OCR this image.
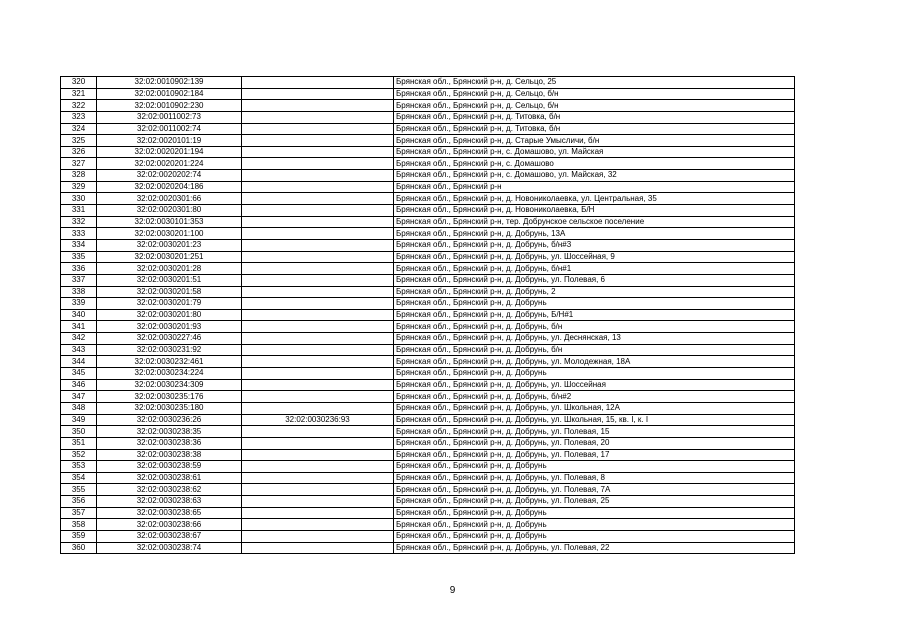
320	32:02:0010902:139		Брянская обл., Брянский р-н, д. Сельцо, 25
321	32:02:0010902:184		Брянская обл., Брянский р-н, д. Сельцо, б/н
322	32:02:0010902:230		Брянская обл., Брянский р-н, д. Сельцо, б/н
323	32:02:0011002:73		Брянская обл., Брянский р-н, д. Титовка, б/н
324	32:02:0011002:74		Брянская обл., Брянский р-н, д. Титовка, б/н
325	32:02:0020101:19		Брянская обл., Брянский р-н, д. Старые Умысличи, б/н
326	32:02:0020201:194		Брянская обл., Брянский р-н, с. Домашово, ул. Майская
327	32:02:0020201:224		Брянская обл., Брянский р-н, с. Домашово
328	32:02:0020202:74		Брянская обл., Брянский р-н, с. Домашово, ул. Майская, 32
329	32:02:0020204:186		Брянская обл., Брянский р-н
330	32:02:0020301:66		Брянская обл., Брянский р-н, д. Новониколаевка, ул. Центральная, 35
331	32:02:0020301:80		Брянская обл., Брянский р-н, д. Новониколаевка, Б/Н
332	32:02:0030101:353		Брянская обл., Брянский р-н, тер. Добрунское сельское поселение
333	32:02:0030201:100		Брянская обл., Брянский р-н, д. Добрунь, 13А
334	32:02:0030201:23		Брянская обл., Брянский р-н, д. Добрунь, б/н#3
335	32:02:0030201:251		Брянская обл., Брянский р-н, д. Добрунь, ул. Шоссейная, 9
336	32:02:0030201:28		Брянская обл., Брянский р-н, д. Добрунь, б/н#1
337	32:02:0030201:51		Брянская обл., Брянский р-н, д. Добрунь, ул. Полевая, 6
338	32:02:0030201:58		Брянская обл., Брянский р-н, д. Добрунь, 2
339	32:02:0030201:79		Брянская обл., Брянский р-н, д. Добрунь
340	32:02:0030201:80		Брянская обл., Брянский р-н, д. Добрунь, Б/Н#1
341	32:02:0030201:93		Брянская обл., Брянский р-н, д. Добрунь, б/н
342	32:02:0030227:46		Брянская обл., Брянский р-н, д. Добрунь, ул. Деснянская, 13
343	32:02:0030231:92		Брянская обл., Брянский р-н, д. Добрунь, б/н
344	32:02:0030232:461		Брянская обл., Брянский р-н, д. Добрунь, ул. Молодежная, 18А
345	32:02:0030234:224		Брянская обл., Брянский р-н, д. Добрунь
346	32:02:0030234:309		Брянская обл., Брянский р-н, д. Добрунь, ул. Шоссейная
347	32:02:0030235:176		Брянская обл., Брянский р-н, д. Добрунь, б/н#2
348	32:02:0030235:180		Брянская обл., Брянский р-н, д. Добрунь, ул. Школьная, 12А
349	32:02:0030236:26	32:02:0030236:93	Брянская обл., Брянский р-н, д. Добрунь, ул. Школьная, 15, кв. I, к. I
350	32:02:0030238:35		Брянская обл., Брянский р-н, д. Добрунь, ул. Полевая, 15
351	32:02:0030238:36		Брянская обл., Брянский р-н, д. Добрунь, ул. Полевая, 20
352	32:02:0030238:38		Брянская обл., Брянский р-н, д. Добрунь, ул. Полевая, 17
353	32:02:0030238:59		Брянская обл., Брянский р-н, д. Добрунь
354	32:02:0030238:61		Брянская обл., Брянский р-н, д. Добрунь, ул. Полевая, 8
355	32:02:0030238:62		Брянская обл., Брянский р-н, д. Добрунь, ул. Полевая, 7А
356	32:02:0030238:63		Брянская обл., Брянский р-н, д. Добрунь, ул. Полевая, 25
357	32:02:0030238:65		Брянская обл., Брянский р-н, д. Добрунь
358	32:02:0030238:66		Брянская обл., Брянский р-н, д. Добрунь
359	32:02:0030238:67		Брянская обл., Брянский р-н, д. Добрунь
360	32:02:0030238:74		Брянская обл., Брянский р-н, д. Добрунь, ул. Полевая, 22
9
